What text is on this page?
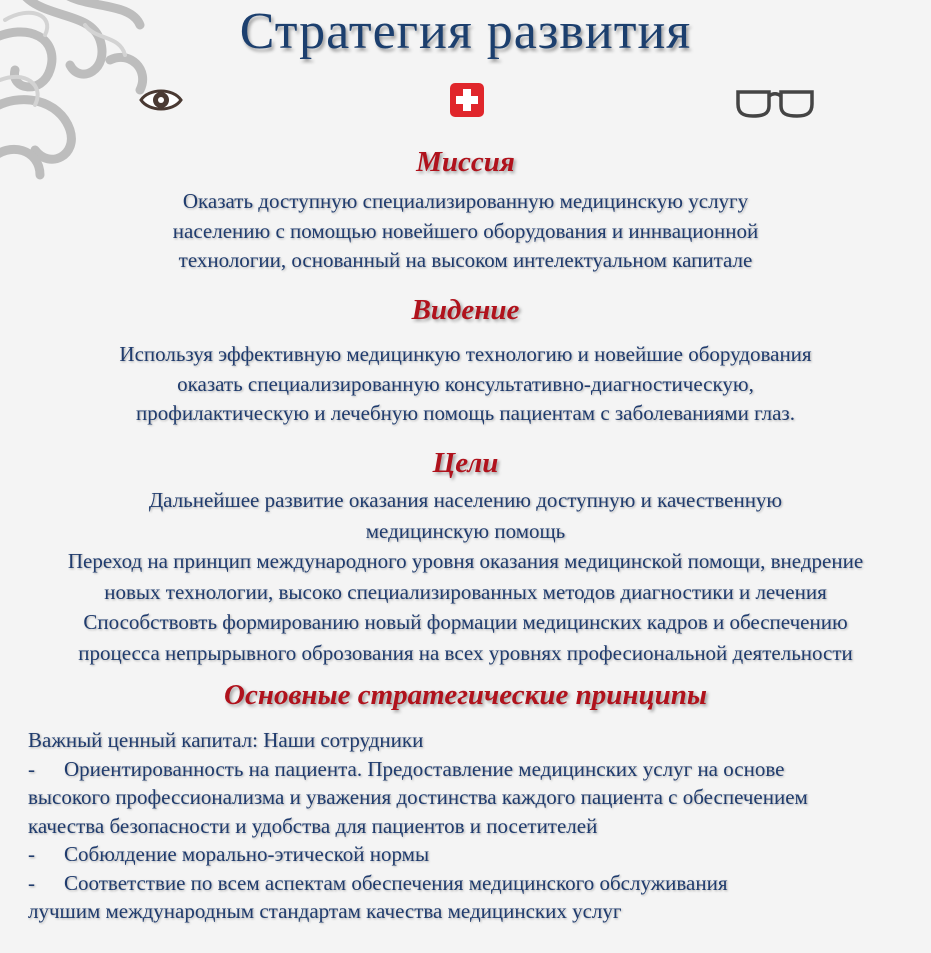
Стратегия развития
Миссия
Оказать доступную специализированную медицинскую услугу
населению с помощью новейшего оборудования и иннвационной
технологии, основанный на высоком интелектуальном капитале
Видение
Используя эффективную медицинкую технологию и новейшие оборудования
оказать специализированную консультативно-диагностическую,
профилактическую и лечебную помощь пациентам с заболеваниями глаз.
Цели
Дальнейшее развитие оказания населению доступную и качественную
медицинскую помощь
Переход на принцип международного уровня оказания медицинской помощи, внедрение
новых технологии, высоко специализированных методов диагностики и лечения
Способствовть формированию новый формации медицинских кадров и обеспечению
процесса непрырывного оброзования на всех уровнях професиональной деятельности
Основные стратегические принципы
Важный ценный капитал: Наши сотрудники
- Ориентированность на пациента. Предоставление медицинских услуг на основе
высокого профессионализма и уважения достинства каждого пациента с обеспечением
качества безопасности и удобства для пациентов и посетителей
- Собюлдение морально-этической нормы
- Соответствие по всем аспектам обеспечения медицинского обслуживания
лучшим международным стандартам качества медицинских услуг
